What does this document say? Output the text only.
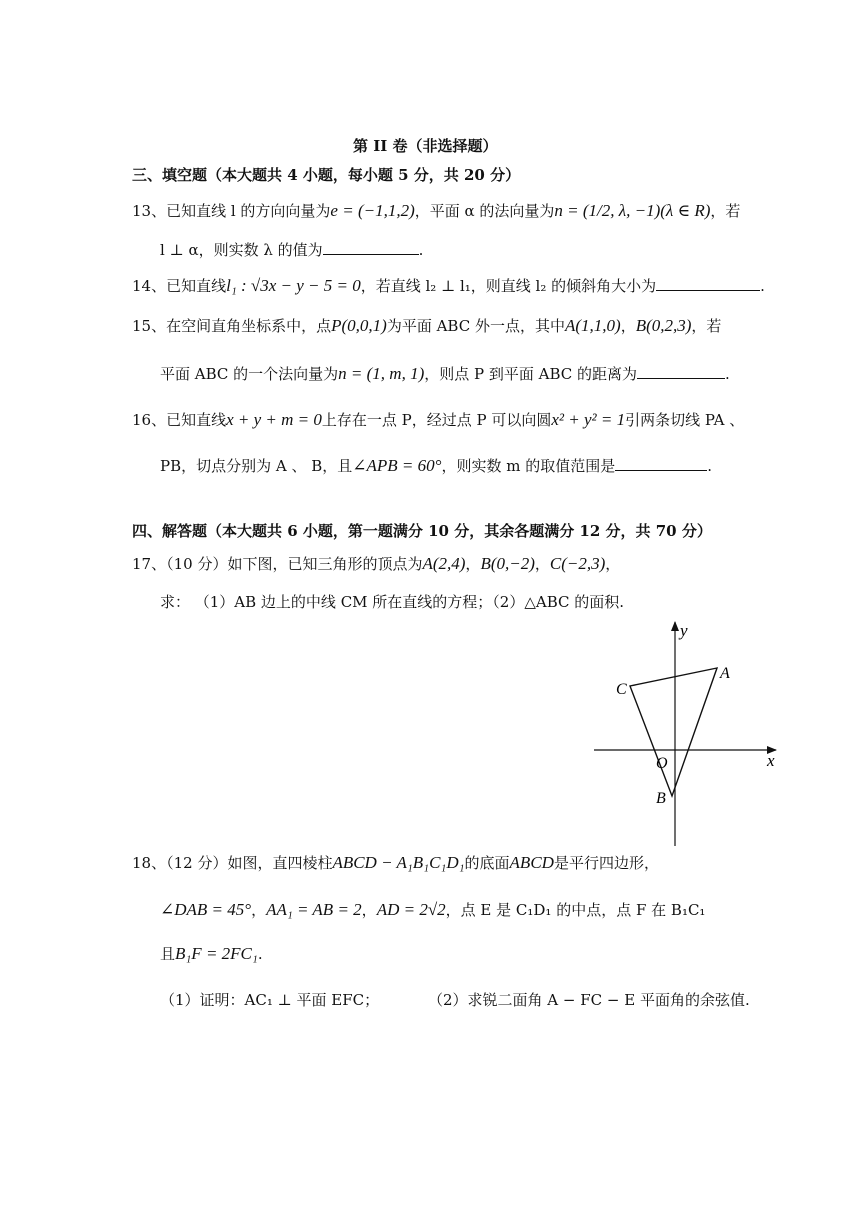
第 II 卷（非选择题）
三、填空题（本大题共 4 小题，每小题 5 分，共 20 分）
13、已知直线 l 的方向向量为e = (−1,1,2)，平面 α 的法向量为n = (1/2, λ, −1)(λ ∈ R)，若
l ⊥ α，则实数 λ 的值为	.
14、已知直线l₁ : √3x − y − 5 = 0，若直线 l₂ ⊥ l₁，则直线 l₂ 的倾斜角大小为	.
15、在空间直角坐标系中，点P(0,0,1)为平面 ABC 外一点，其中A(1,1,0)，B(0,2,3)，若
平面 ABC 的一个法向量为n = (1, m, 1)，则点 P 到平面 ABC 的距离为	.
16、已知直线x + y + m = 0上存在一点 P，经过点 P 可以向圆x² + y² = 1引两条切线 PA 、
PB，切点分别为 A 、 B，且∠APB = 60°，则实数 m 的取值范围是	.
四、解答题（本大题共 6 小题，第一题满分 10 分，其余各题满分 12 分，共 70 分）
17、（10 分）如下图，已知三角形的顶点为A(2,4)，B(0,−2)，C(−2,3)，
求： （1）AB 边上的中线 CM 所在直线的方程；（2）△ABC 的面积.
y
x
O
A
B
C
18、（12 分）如图，直四棱柱ABCD − A₁B₁C₁D₁的底面ABCD是平行四边形，
∠DAB = 45°，AA₁ = AB = 2，AD = 2√2，点 E 是 C₁D₁ 的中点，点 F 在 B₁C₁
且B₁F = 2FC₁.
（1）证明：AC₁ ⊥ 平面 EFC；	（2）求锐二面角 A − FC − E 平面角的余弦值.
